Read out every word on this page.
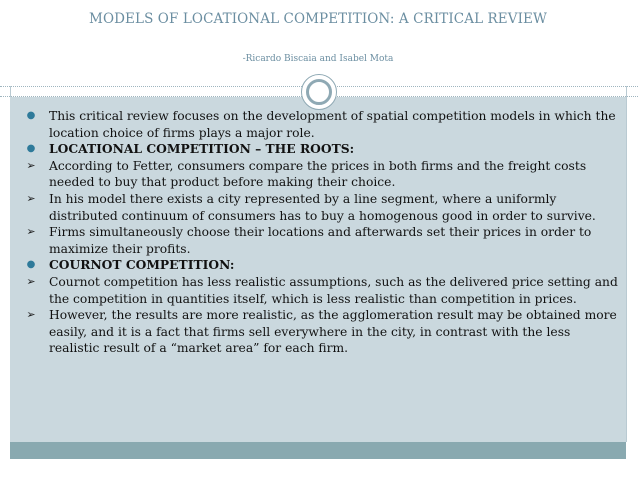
MODELS OF LOCATIONAL COMPETITION: A CRITICAL REVIEW
-Ricardo Biscaia and Isabel Mota
● This critical review focuses on the development of spatial competition models in which the location choice of firms plays a major role.
● LOCATIONAL COMPETITION – THE ROOTS:
➢ According to Fetter, consumers compare the prices in both firms and the freight costs needed to buy that product before making their choice.
➢ In his model there exists a city represented by a line segment, where a uniformly distributed continuum of consumers has to buy a homogenous good in order to survive.
➢ Firms simultaneously choose their locations and afterwards set their prices in order to maximize their profits.
● COURNOT COMPETITION:
➢ Cournot competition has less realistic assumptions, such as the delivered price setting and the competition in quantities itself, which is less realistic than competition in prices.
➢ However, the results are more realistic, as the agglomeration result may be obtained more easily, and it is a fact that firms sell everywhere in the city, in contrast with the less realistic result of a “market area” for each firm.
